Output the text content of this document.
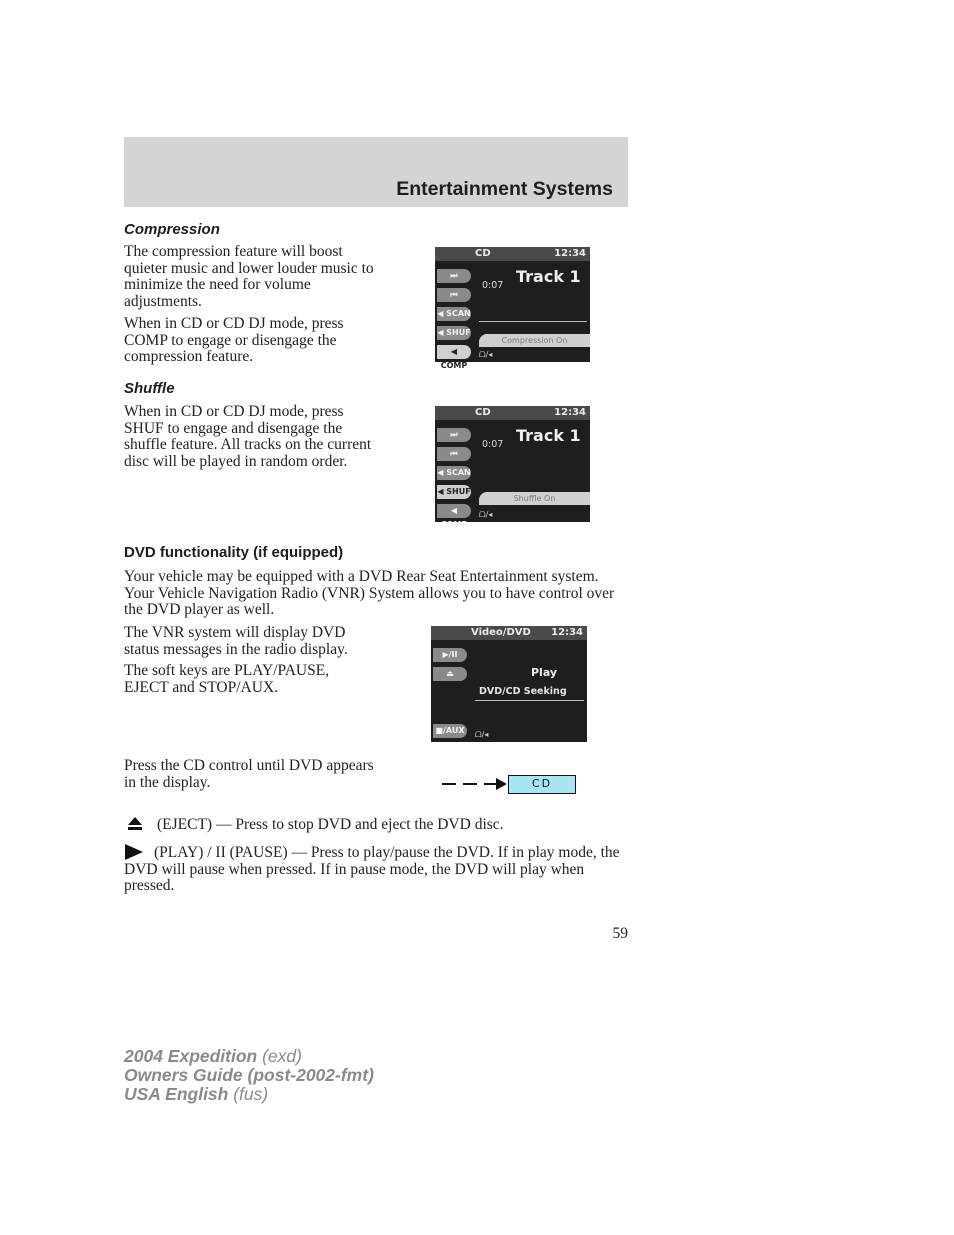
Entertainment Systems
Compression

The compression feature will boost quieter music and lower louder music to minimize the need for volume adjustments.

When in CD or CD DJ mode, press COMP to engage or disengage the compression feature.

CD	12:34
⏭
⏮
◀ SCAN
◀ SHUF
◀ COMP
0:07 Track 1
Compression On
ᗝ/◂
Shuffle

When in CD or CD DJ mode, press SHUF to engage and disengage the shuffle feature. All tracks on the current disc will be played in random order.

CD	12:34
⏭
⏮
◀ SCAN
◀ SHUF
◀ COMP
0:07 Track 1
Shuffle On
ᗝ/◂
DVD functionality (if equipped)

Your vehicle may be equipped with a DVD Rear Seat Entertainment system. Your Vehicle Navigation Radio (VNR) System allows you to have control over the DVD player as well.

The VNR system will display DVD status messages in the radio display.

The soft keys are PLAY/PAUSE, EJECT and STOP/AUX.

Video/DVD 12:34
▶/II
⏏
■/AUX
Play
DVD/CD Seeking
ᗝ/◂

Press the CD control until DVD appears in the display.	CD

(EJECT) — Press to stop DVD and eject the DVD disc.

(PLAY) / II (PAUSE) — Press to play/pause the DVD. If in play mode, the DVD will pause when pressed. If in pause mode, the DVD will play when pressed.

59
2004 Expedition (exd)
Owners Guide (post-2002-fmt)
USA English (fus)
